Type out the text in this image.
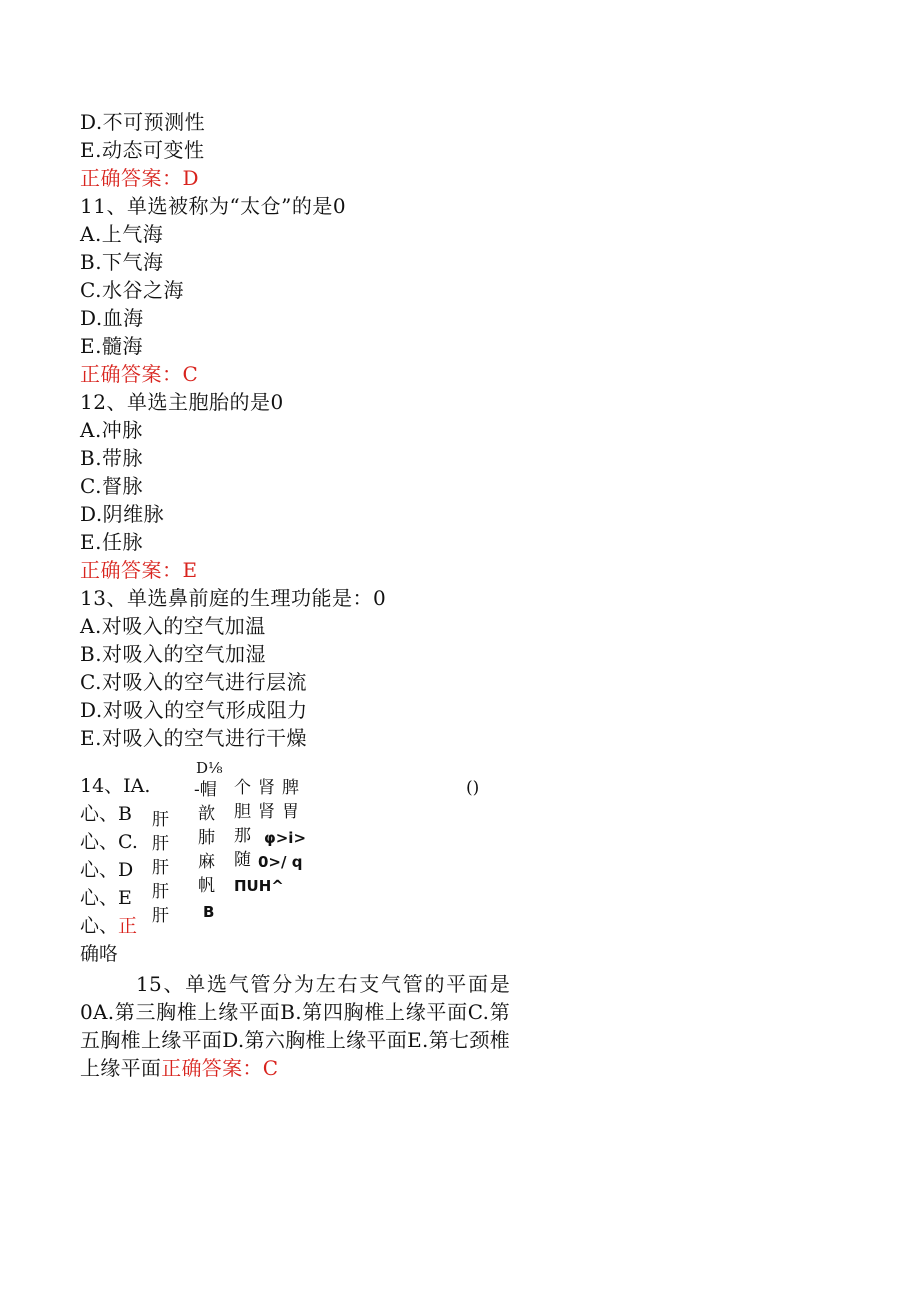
D.不可预测性
E.动态可变性
正确答案：D
11、单选被称为“太仓”的是0
A.上气海
B.下气海
C.水谷之海
D.血海
E.髓海
正确答案：C
12、单选主胞胎的是0
A.冲脉
B.带脉
C.督脉
D.阴维脉
E.任脉
正确答案：E
13、单选鼻前庭的生理功能是：0
A.对吸入的空气加温
B.对吸入的空气加湿
C.对吸入的空气进行层流
D.对吸入的空气形成阻力
E.对吸入的空气进行干燥
14、IA.
心、B
心、C.
心、D
心、E
心、正
确咯
肝
肝
肝
肝
肝
D⅛
-帽
歆
肺
麻
帆
B
个
胆
那
随
肾
肾
脾
胃
φ>i>
0>/ q
ΠUH^
()
15、单选气管分为左右支气管的平面是0A.第三胸椎上缘平面B.第四胸椎上缘平面C.第五胸椎上缘平面D.第六胸椎上缘平面E.第七颈椎上缘平面正确答案：C
